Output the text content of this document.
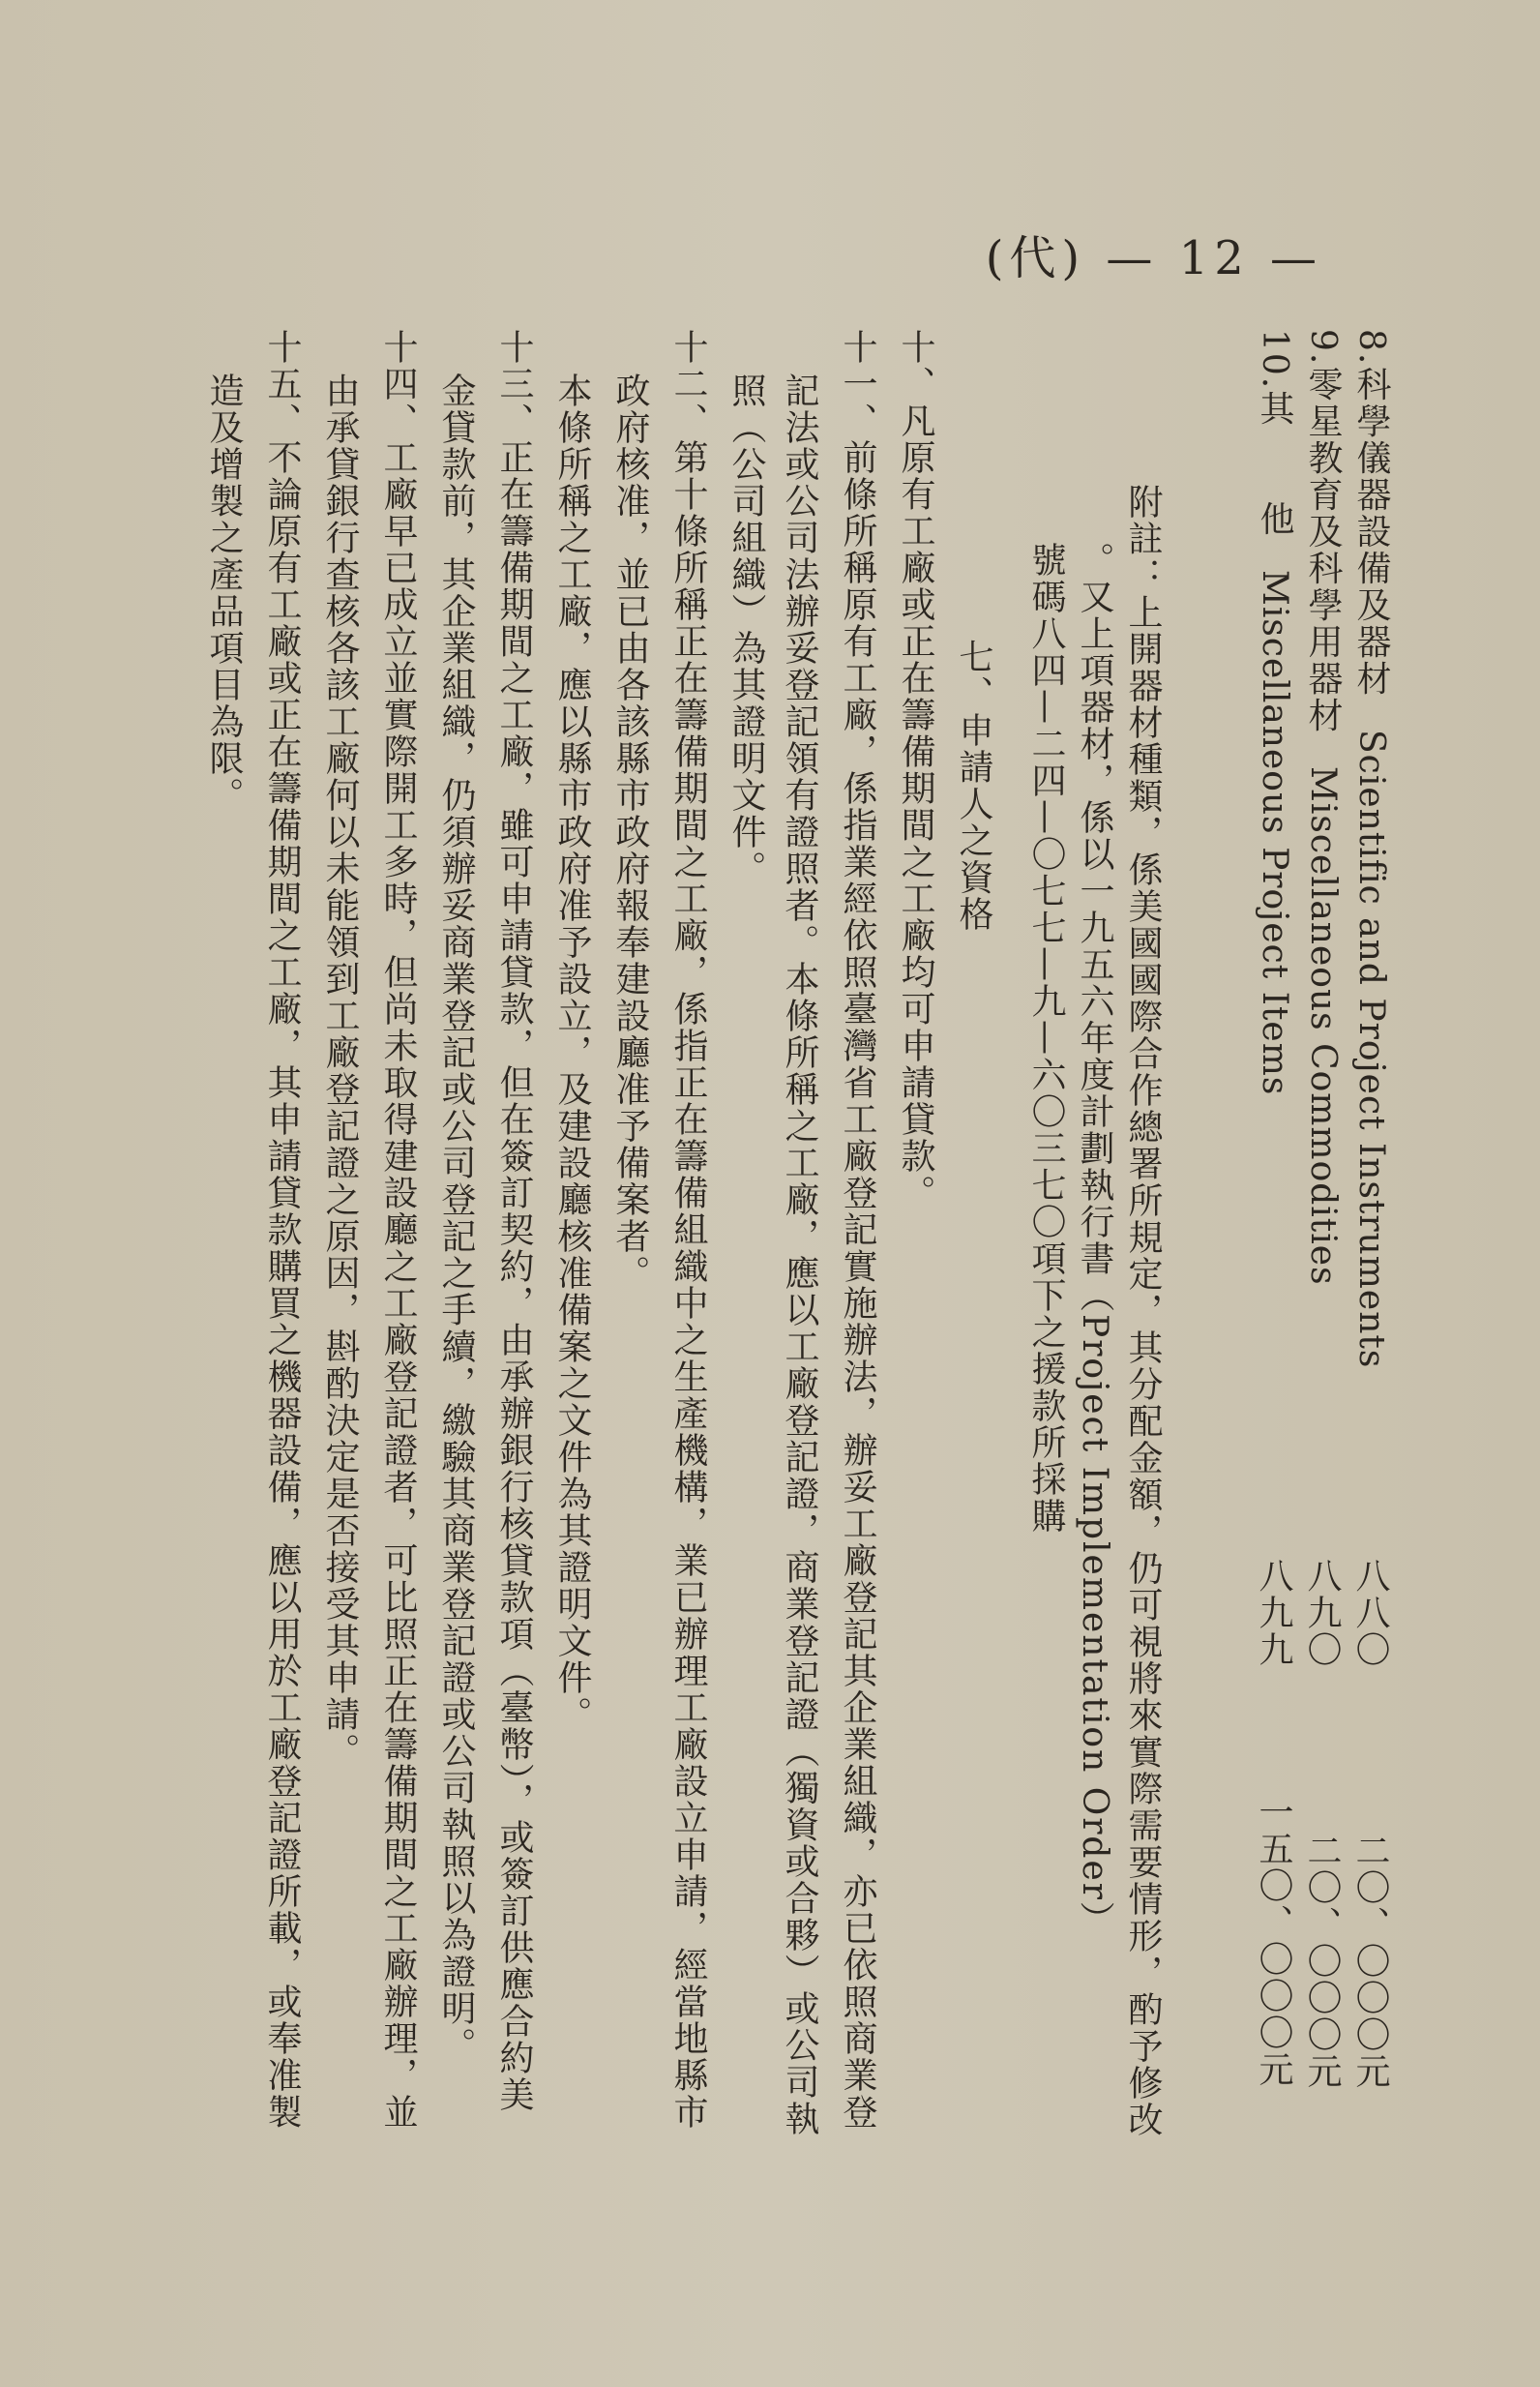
(代) — 12 —
8.科學儀器設備及器材 Scientific and Project Instruments
9.零星教育及科學用器材 Miscellaneous Commodities
10.其　　他 Miscellaneous Project Items
八八〇二〇、〇〇〇元
八九〇二〇、〇〇〇元
八九九一五〇、〇〇〇元
附註：上開器材種類，係美國國際合作總署所規定，其分配金額，仍可視將來實際需要情形，酌予修改
。又上項器材，係以一九五六年度計劃執行書（Project Implementation Order）
號碼八四—二四—〇七七—九—六〇三七〇項下之援款所採購
七、申請人之資格
十、凡原有工廠或正在籌備期間之工廠均可申請貸款。
十一、前條所稱原有工廠，係指業經依照臺灣省工廠登記實施辦法，辦妥工廠登記其企業組織，亦已依照商業登
記法或公司法辦妥登記領有證照者。本條所稱之工廠，應以工廠登記證，商業登記證（獨資或合夥）或公司執
照（公司組織）為其證明文件。
十二、第十條所稱正在籌備期間之工廠，係指正在籌備組織中之生產機構，業已辦理工廠設立申請，經當地縣市
政府核准，並已由各該縣市政府報奉建設廳准予備案者。
本條所稱之工廠，應以縣市政府准予設立，及建設廳核准備案之文件為其證明文件。
十三、正在籌備期間之工廠，雖可申請貸款，但在簽訂契約，由承辦銀行核貸款項（臺幣），或簽訂供應合約美
金貸款前，其企業組織，仍須辦妥商業登記或公司登記之手續，繳驗其商業登記證或公司執照以為證明。
十四、工廠早已成立並實際開工多時，但尚未取得建設廳之工廠登記證者，可比照正在籌備期間之工廠辦理，並
由承貸銀行查核各該工廠何以未能領到工廠登記證之原因，斟酌決定是否接受其申請。
十五、不論原有工廠或正在籌備期間之工廠，其申請貸款購買之機器設備，應以用於工廠登記證所載，或奉准製
造及增製之產品項目為限。
